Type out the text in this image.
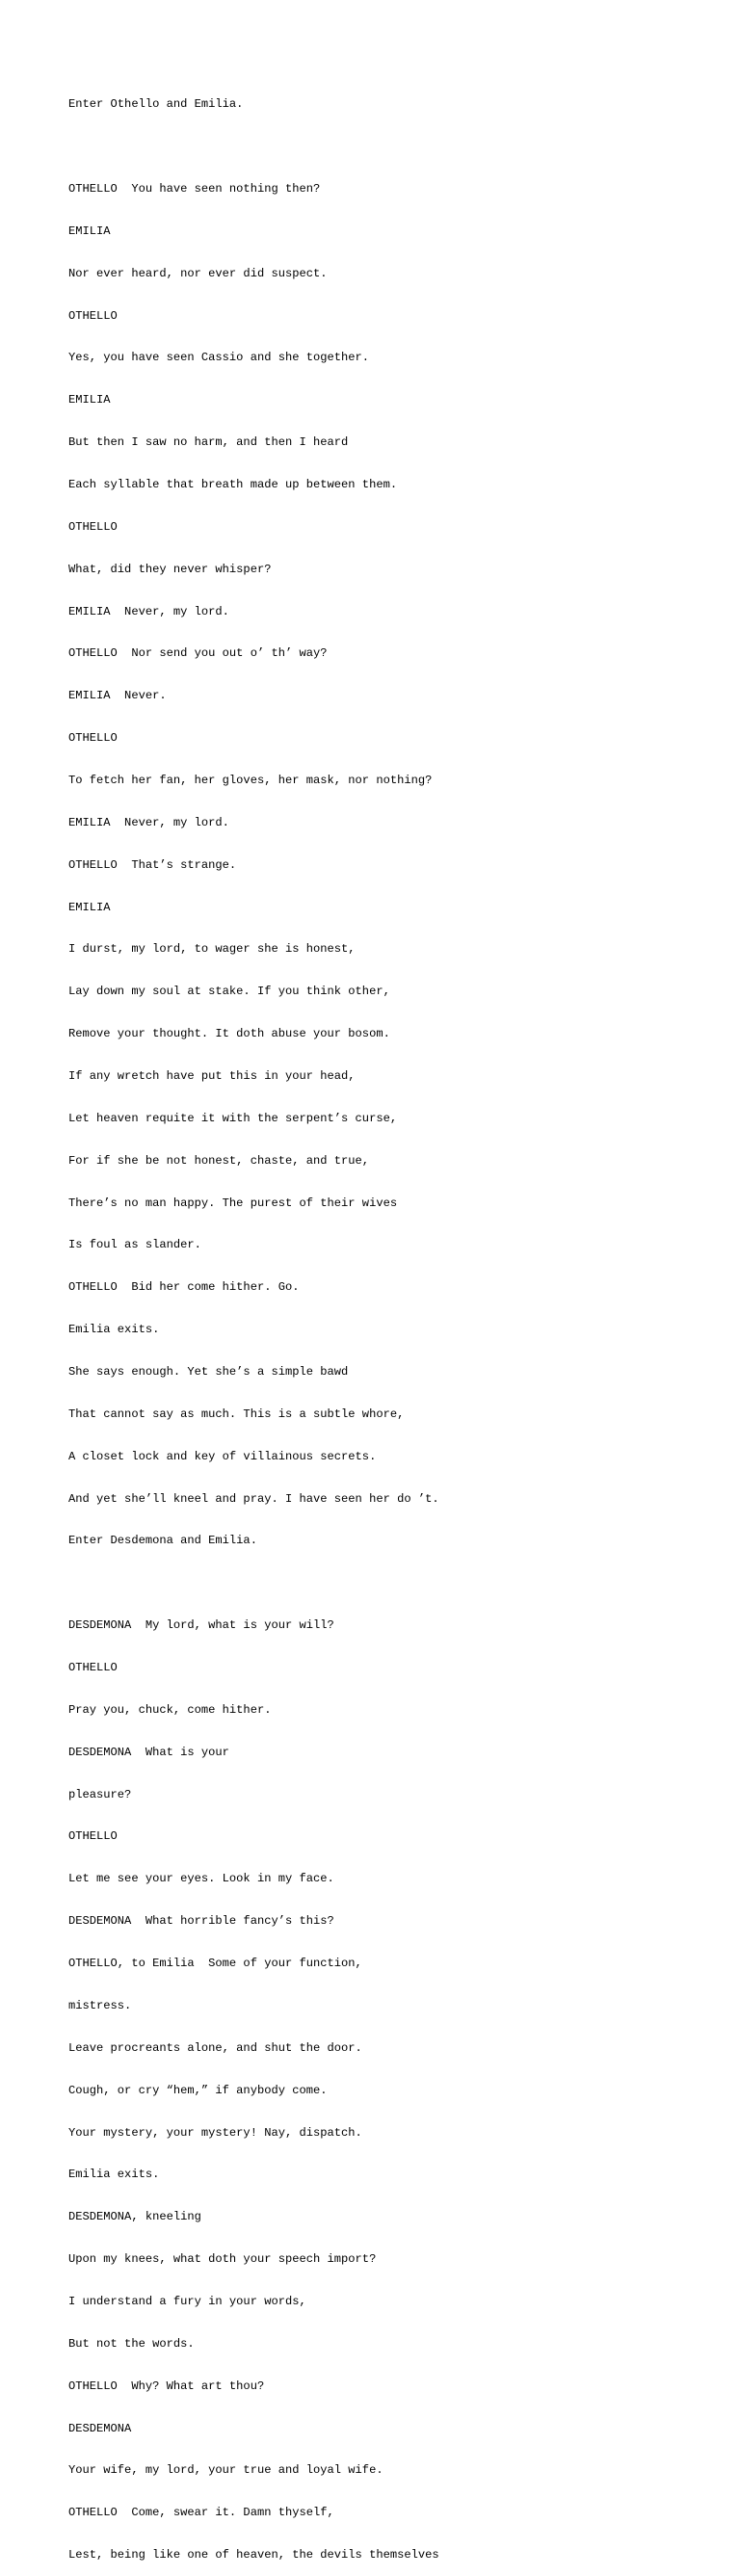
Enter Othello and Emilia.

OTHELLO  You have seen nothing then?

EMILIA

Nor ever heard, nor ever did suspect.

OTHELLO

Yes, you have seen Cassio and she together.

EMILIA

But then I saw no harm, and then I heard

Each syllable that breath made up between them.

OTHELLO

What, did they never whisper?

EMILIA  Never, my lord.

OTHELLO  Nor send you out o’ th’ way?

EMILIA  Never.

OTHELLO

To fetch her fan, her gloves, her mask, nor nothing?

EMILIA  Never, my lord.

OTHELLO  That’s strange.

EMILIA

I durst, my lord, to wager she is honest,

Lay down my soul at stake. If you think other,

Remove your thought. It doth abuse your bosom.

If any wretch have put this in your head,

Let heaven requite it with the serpent’s curse,

For if she be not honest, chaste, and true,

There’s no man happy. The purest of their wives

Is foul as slander.

OTHELLO  Bid her come hither. Go.

Emilia exits.

She says enough. Yet she’s a simple bawd

That cannot say as much. This is a subtle whore,

A closet lock and key of villainous secrets.

And yet she’ll kneel and pray. I have seen her do ’t.

Enter Desdemona and Emilia.

DESDEMONA  My lord, what is your will?

OTHELLO

Pray you, chuck, come hither.

DESDEMONA  What is your

pleasure?

OTHELLO

Let me see your eyes. Look in my face.

DESDEMONA  What horrible fancy’s this?

OTHELLO, to Emilia  Some of your function,

mistress.

Leave procreants alone, and shut the door.

Cough, or cry “hem,” if anybody come.

Your mystery, your mystery! Nay, dispatch.

Emilia exits.

DESDEMONA, kneeling

Upon my knees, what doth your speech import?

I understand a fury in your words,

But not the words.

OTHELLO  Why? What art thou?

DESDEMONA

Your wife, my lord, your true and loyal wife.

OTHELLO  Come, swear it. Damn thyself,

Lest, being like one of heaven, the devils themselves
